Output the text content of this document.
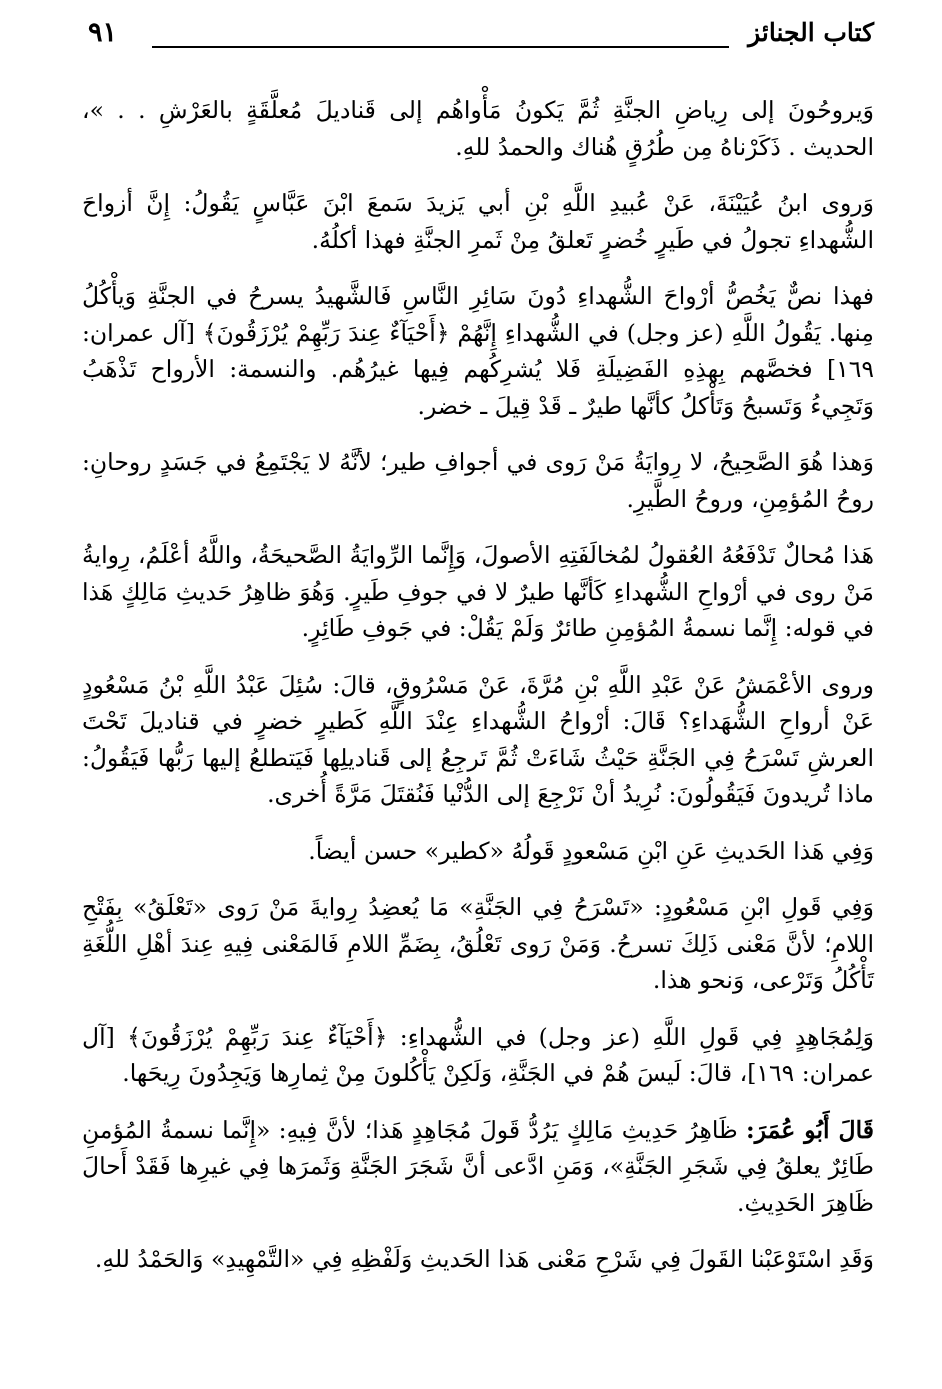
كتاب الجنائز
٩١

وَيروحُونَ إلى رِياضِ الجنَّةِ ثُمَّ يَكونُ مَأْواهُم إلى قَناديلَ مُعلَّقَةٍ بالعَرْشِ . . »، الحديث . ذَكَرْناهُ مِن طُرُقٍ هُناك والحمدُ للهِ.

وَروى ابنُ عُيَيْنَةَ، عَنْ عُبيدِ اللَّهِ بْنِ أبي يَزيدَ سَمعَ ابْنَ عَبَّاسٍ يَقُولُ: إِنَّ أزواحَ الشُّهداءِ تجولُ في طَيرٍ خُضرٍ تَعلقُ مِنْ ثَمرِ الجنَّةِ فهذا أكلُهُ.

فهذا نصٌّ يَخُصُّ أرْواحَ الشُّهداءِ دُونَ سَائِرِ النَّاسِ فَالشَّهيدُ يسرحُ في الجنَّةِ وَيأْكُلُ مِنها. يَقُولُ اللَّهِ (عز وجل) في الشُّهداءِ إِنَّهُمْ ﴿أَحْيَآءٌ عِندَ رَبِّهِمْ يُرْزَقُونَ﴾ [آل عمران: ١٦٩] فخصَّهم بِهذِهِ الفَضِيلَةِ فَلا يُشرِكُهم فِيها غيرُهُم. والنسمة: الأرواح تَذْهَبُ وَتَجِيءُ وَتَسبحُ وَتَأْكلُ كأنَّها طيرٌ ـ قَدْ قِيلَ ـ خضر.

وَهذا هُوَ الصَّحِيحُ، لا رِوايَةُ مَنْ رَوى في أجوافِ طير؛ لأنَّهُ لا يَجْتَمِعُ في جَسَدٍ روحانِ: روحُ المُؤمِنِ، وروحُ الطَّيرِ.

هَذا مُحالٌ تَدْفَعُهُ العُقولُ لمُخالَفَتِهِ الأصولَ، وَإِنَّما الرِّوايَةُ الصَّحيحَةُ، واللَّهُ أعْلَمُ، رِوايةُ مَنْ روى في أرْواحِ الشُّهداءِ كَأنَّها طيرٌ لا في جوفِ طَيرٍ. وَهُوَ ظاهِرُ حَديثِ مَالِكٍ هَذا في قوله: إِنَّما نسمةُ المُؤمِنِ طائرٌ وَلَمْ يَقُلْ: في جَوفِ طَائِرٍ.

وروى الأعْمَشُ عَنْ عَبْدِ اللَّهِ بْنِ مُرَّةَ، عَنْ مَسْرُوقٍ، قالَ: سُئِلَ عَبْدُ اللَّهِ بْنُ مَسْعُودٍ عَنْ أرواحِ الشُّهَداءِ؟ قَالَ: أرْواحُ الشُّهداءِ عِنْدَ اللَّهِ كَطيرٍ خضرٍ في قناديلَ تَحْتَ العرشِ تَسْرَحُ فِي الجَنَّةِ حَيْثُ شَاءَتْ ثُمَّ تَرجِعُ إلى قَناديلِها فَيَتطلعُ إليها رَبُّها فَيَقُولُ: ماذا تُريدونَ فَيَقُولُونَ: نُرِيدُ أنْ نَرْجِعَ إلى الدُّنْيا فَنُقتَلَ مَرَّةً أُخرى.

وَفِي هَذا الحَديثِ عَنِ ابْنِ مَسْعودٍ قَولُهُ «كطير» حسن أيضاً.

وَفِي قَولِ ابْنِ مَسْعُودٍ: «تَسْرَحُ فِي الجَنَّةِ» مَا يُعضِدُ رِوايةَ مَنْ رَوى «تَعْلَقُ» بِفَتْحِ اللامِ؛ لأنَّ مَعْنى ذَلِكَ تسرحُ. وَمَنْ رَوى تَعْلُقُ، بِضَمِّ اللامِ فَالمَعْنى فِيهِ عِندَ أهْلِ اللُّغَةِ تَأْكُلُ وَتَرْعى، وَنحو هذا.

وَلِمُجَاهِدٍ فِي قَولِ اللَّهِ (عز وجل) في الشُّهداءِ: ﴿أَحْيَآءٌ عِندَ رَبِّهِمْ يُرْزَقُونَ﴾ [آل عمران: ١٦٩]، قالَ: لَيسَ هُمْ في الجَنَّةِ، وَلَكِنْ يَأْكُلونَ مِنْ ثِمارِها وَيَجِدُونَ رِيحَها.

قَالَ أَبُو عُمَرَ: ظَاهِرُ حَدِيثِ مَالِكٍ يَرُدُّ قَولَ مُجَاهِدٍ هَذا؛ لأنَّ فِيهِ: «إِنَّما نسمةُ المُؤمنِ طَائِرٌ يعلقُ فِي شَجَرِ الجَنَّةِ»، وَمَنِ ادَّعى أنَّ شَجَرَ الجَنَّةِ وَثَمرَها فِي غيرِها فَقَدْ أَحالَ ظَاهِرَ الحَدِيثِ.

وَقَدِ اسْتَوْعَبْنا القَولَ فِي شَرْحِ مَعْنى هَذا الحَديثِ وَلَفْظِهِ فِي «التَّمْهِيدِ» وَالحَمْدُ للهِ.
